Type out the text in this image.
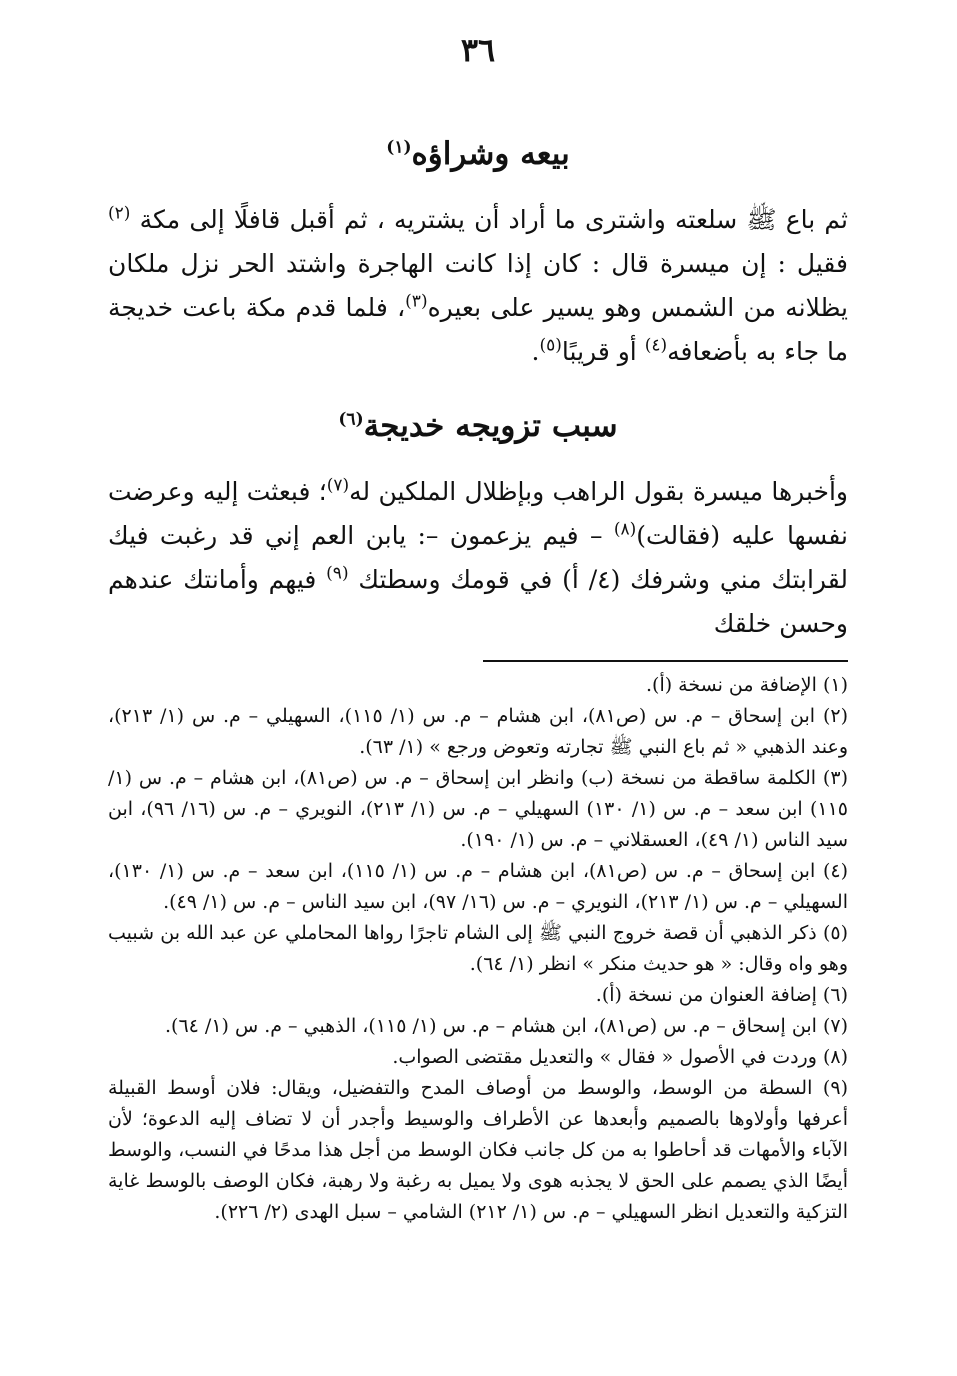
٣٦
بيعه وشراؤه$^{(١)}$

ثم باع ﷺ سلعته واشترى ما أراد أن يشتريه ، ثم أقبل قافلًا إلى مكة $^{(٢)}$ فقيل : إن ميسرة قال : كان إذا كانت الهاجرة واشتد الحر نزل ملكان يظلانه من الشمس وهو يسير على بعيره$^{(٣)}$، فلما قدم مكة باعت خديجة ما جاء به بأضعافه$^{(٤)}$ أو قريبًا$^{(٥)}$.

سبب تزويجه خديجة$^{(٦)}$

وأخبرها ميسرة بقول الراهب وبإظلال الملكين له$^{(٧)}$؛ فبعثت إليه وعرضت نفسها عليه (فقالت)$^{(٨)}$ – فيم يزعمون –: يابن العم إني قد رغبت فيك لقرابتك مني وشرفك (٤/ أ) في قومك وسطتك $^{(٩)}$ فيهم وأمانتك عندهم وحسن خلقك

(١) الإضافة من نسخة (أ).

(٢) ابن إسحاق – م. س (ص٨١)، ابن هشام – م. س (١/ ١١٥)، السهيلي – م. س (١/ ٢١٣)، وعند الذهبي « ثم باع النبي ﷺ تجارته وتعوض ورجع » (١/ ٦٣).

(٣) الكلمة ساقطة من نسخة (ب) وانظر ابن إسحاق – م. س (ص٨١)، ابن هشام – م. س (١/ ١١٥) ابن سعد – م. س (١/ ١٣٠) السهيلي – م. س (١/ ٢١٣)، النويري – م. س (١٦/ ٩٦)، ابن سيد الناس (١/ ٤٩)، العسقلاني – م. س (١/ ١٩٠).

(٤) ابن إسحاق – م. س (ص٨١)، ابن هشام – م. س (١/ ١١٥)، ابن سعد – م. س (١/ ١٣٠)، السهيلي – م. س (١/ ٢١٣)، النويري – م. س (١٦/ ٩٧)، ابن سيد الناس – م. س (١/ ٤٩).

(٥) ذكر الذهبي أن قصة خروج النبي ﷺ إلى الشام تاجرًا رواها المحاملي عن عبد الله بن شبيب وهو واه وقال: « هو حديث منكر » انظر (١/ ٦٤).

(٦) إضافة العنوان من نسخة (أ).

(٧) ابن إسحاق – م. س (ص٨١)، ابن هشام – م. س (١/ ١١٥)، الذهبي – م. س (١/ ٦٤).

(٨) وردت في الأصول « فقال » والتعديل مقتضى الصواب.

(٩) السطة من الوسط، والوسط من أوصاف المدح والتفضيل، ويقال: فلان أوسط القبيلة أعرفها وأولاوها بالصميم وأبعدها عن الأطراف والوسيط وأجدر أن لا تضاف إليه الدعوة؛ لأن الآباء والأمهات قد أحاطوا به من كل جانب فكان الوسط من أجل هذا مدحًا في النسب، والوسط أيضًا الذي يصمم على الحق لا يجذبه هوى ولا يميل به رغبة ولا رهبة، فكان الوصف بالوسط غاية التزكية والتعديل انظر السهيلي – م. س (١/ ٢١٢) الشامي – سبل الهدى (٢/ ٢٢٦).
